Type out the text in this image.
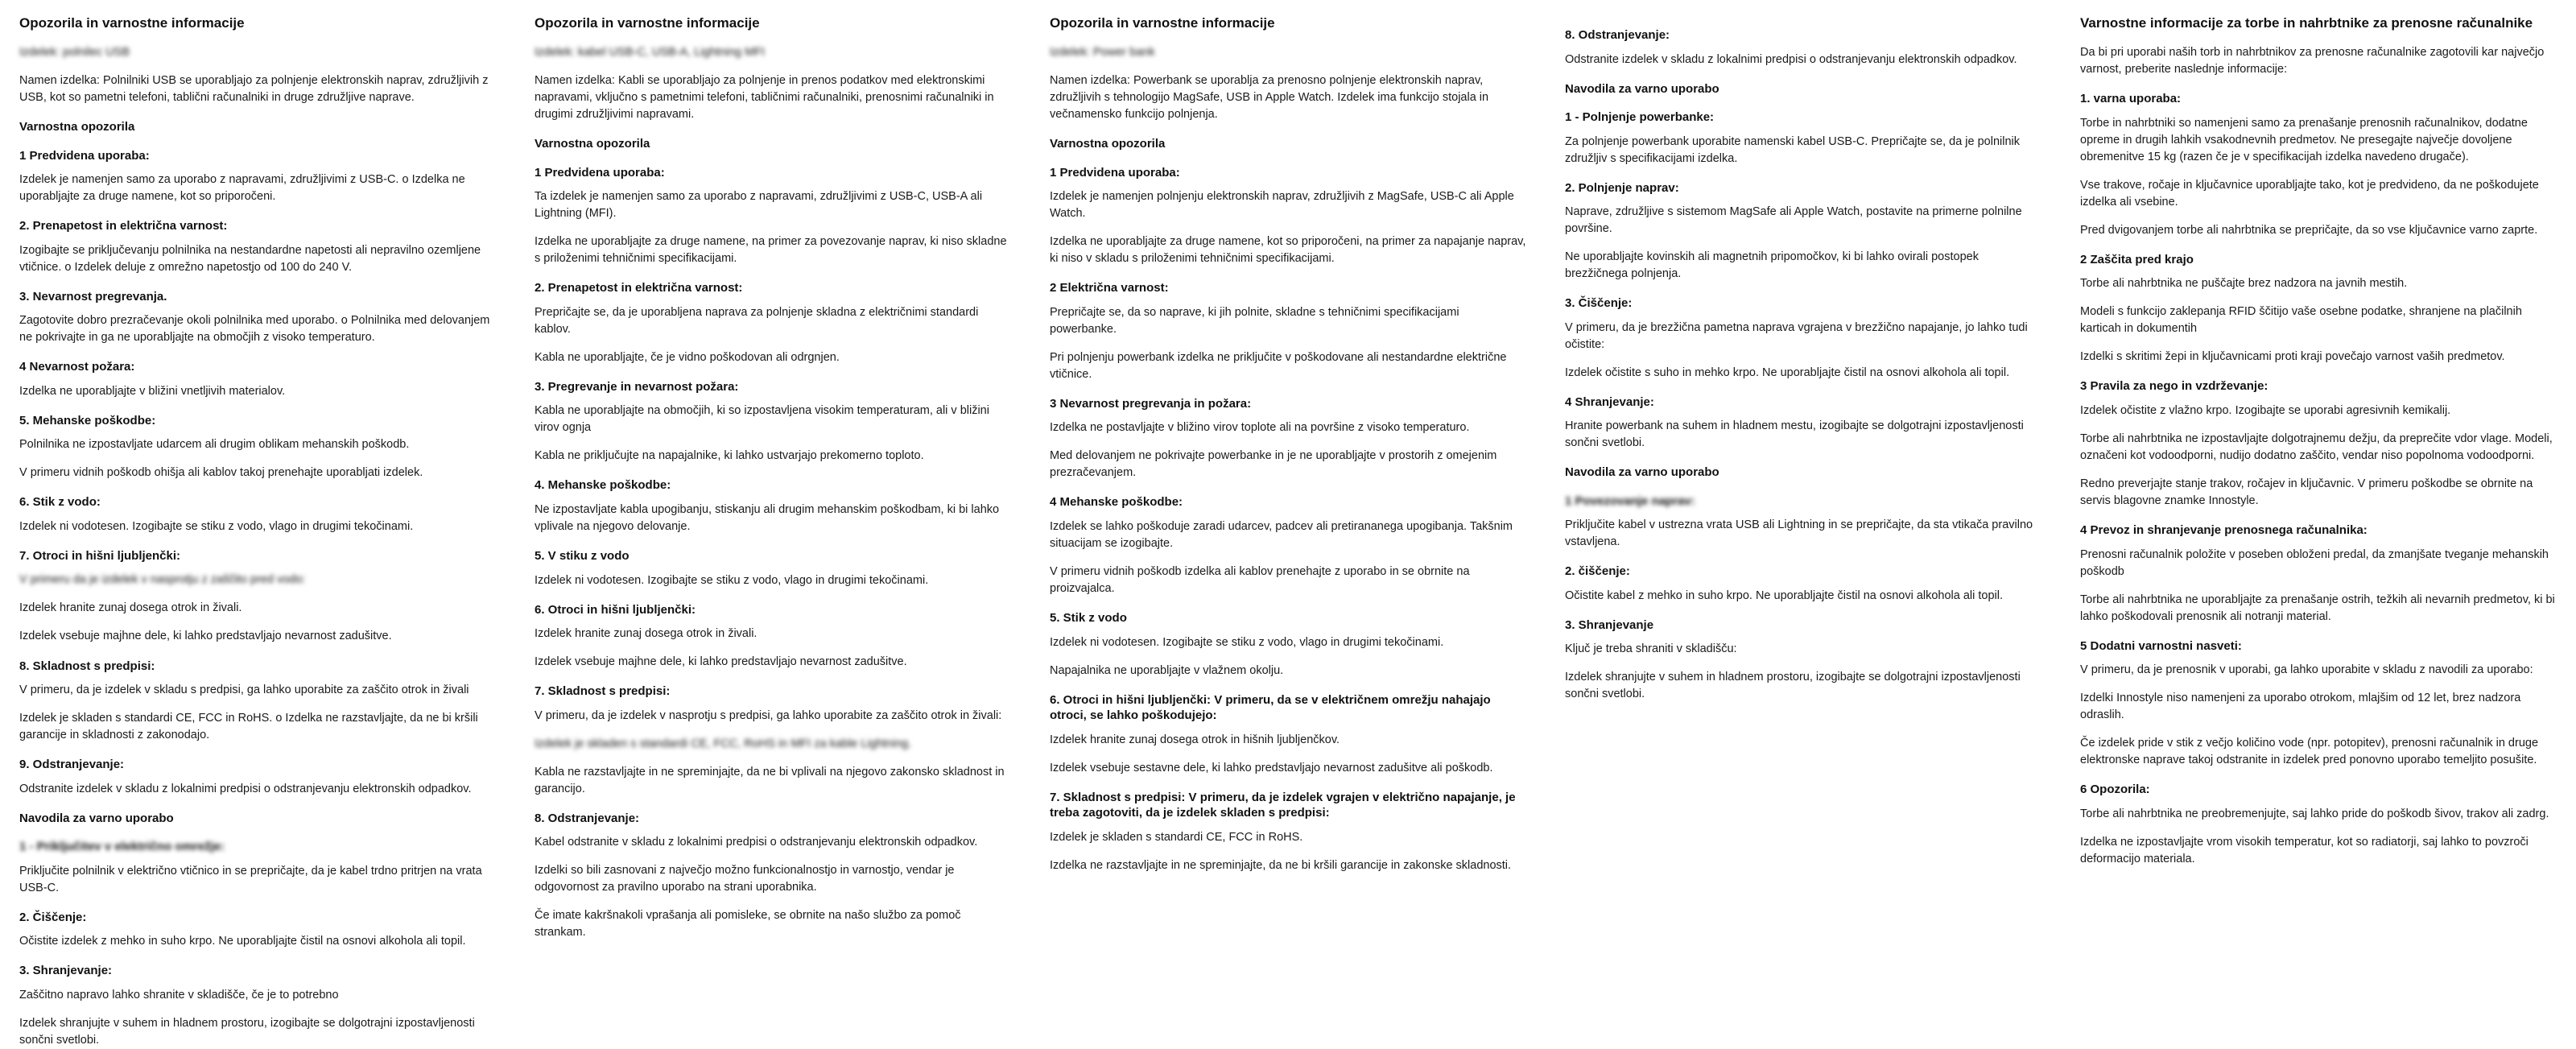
Opozorila in varnostne informacije

Izdelek: polnilec USB

Namen izdelka: Polnilniki USB se uporabljajo za polnjenje elektronskih naprav, združljivih z USB, kot so pametni telefoni, tablični računalniki in druge združljive naprave.

Varnostna opozorila
1 Predvidena uporaba:

Izdelek je namenjen samo za uporabo z napravami, združljivimi z USB-C. o Izdelka ne uporabljajte za druge namene, kot so priporočeni.

2. Prenapetost in električna varnost:

Izogibajte se priključevanju polnilnika na nestandardne napetosti ali nepravilno ozemljene vtičnice. o Izdelek deluje z omrežno napetostjo od 100 do 240 V.

3. Nevarnost pregrevanja.

Zagotovite dobro prezračevanje okoli polnilnika med uporabo. o Polnilnika med delovanjem ne pokrivajte in ga ne uporabljajte na območjih z visoko temperaturo.

4 Nevarnost požara:

Izdelka ne uporabljajte v bližini vnetljivih materialov.

5. Mehanske poškodbe:

Polnilnika ne izpostavljate udarcem ali drugim oblikam mehanskih poškodb.

V primeru vidnih poškodb ohišja ali kablov takoj prenehajte uporabljati izdelek.

6. Stik z vodo:

Izdelek ni vodotesen. Izogibajte se stiku z vodo, vlago in drugimi tekočinami.

7. Otroci in hišni ljubljenčki:

V primeru da je izdelek v nasprotju z zaščito pred vodo:

Izdelek hranite zunaj dosega otrok in živali.

Izdelek vsebuje majhne dele, ki lahko predstavljajo nevarnost zadušitve.

8. Skladnost s predpisi:

V primeru, da je izdelek v skladu s predpisi, ga lahko uporabite za zaščito otrok in živali

Izdelek je skladen s standardi CE, FCC in RoHS. o Izdelka ne razstavljajte, da ne bi kršili garancije in skladnosti z zakonodajo.

9. Odstranjevanje:

Odstranite izdelek v skladu z lokalnimi predpisi o odstranjevanju elektronskih odpadkov.

Navodila za varno uporabo
1 - Priključitev v električno omrežje:

Priključite polnilnik v električno vtičnico in se prepričajte, da je kabel trdno pritrjen na vrata USB-C.

2. Čiščenje:

Očistite izdelek z mehko in suho krpo. Ne uporabljajte čistil na osnovi alkohola ali topil.

3. Shranjevanje:

Zaščitno napravo lahko shranite v skladišče, če je to potrebno

Izdelek shranjujte v suhem in hladnem prostoru, izogibajte se dolgotrajni izpostavljenosti sončni svetlobi.

Opozorila in varnostne informacije

Izdelek: kabel USB-C, USB-A, Lightning MFI

Namen izdelka: Kabli se uporabljajo za polnjenje in prenos podatkov med elektronskimi napravami, vključno s pametnimi telefoni, tabličnimi računalniki, prenosnimi računalniki in drugimi združljivimi napravami.

Varnostna opozorila
1 Predvidena uporaba:

Ta izdelek je namenjen samo za uporabo z napravami, združljivimi z USB-C, USB-A ali Lightning (MFI).

Izdelka ne uporabljajte za druge namene, na primer za povezovanje naprav, ki niso skladne s priloženimi tehničnimi specifikacijami.

2. Prenapetost in električna varnost:

Prepričajte se, da je uporabljena naprava za polnjenje skladna z električnimi standardi kablov.

Kabla ne uporabljajte, če je vidno poškodovan ali odrgnjen.

3. Pregrevanje in nevarnost požara:

Kabla ne uporabljajte na območjih, ki so izpostavljena visokim temperaturam, ali v bližini virov ognja

Kabla ne priključujte na napajalnike, ki lahko ustvarjajo prekomerno toploto.

4. Mehanske poškodbe:

Ne izpostavljate kabla upogibanju, stiskanju ali drugim mehanskim poškodbam, ki bi lahko vplivale na njegovo delovanje.

5. V stiku z vodo

Izdelek ni vodotesen. Izogibajte se stiku z vodo, vlago in drugimi tekočinami.

6. Otroci in hišni ljubljenčki:

Izdelek hranite zunaj dosega otrok in živali.

Izdelek vsebuje majhne dele, ki lahko predstavljajo nevarnost zadušitve.

7. Skladnost s predpisi:

V primeru, da je izdelek v nasprotju s predpisi, ga lahko uporabite za zaščito otrok in živali:

Izdelek je skladen s standardi CE, FCC, RoHS in MFI za kable Lightning.

Kabla ne razstavljajte in ne spreminjajte, da ne bi vplivali na njegovo zakonsko skladnost in garancijo.

8. Odstranjevanje:

Kabel odstranite v skladu z lokalnimi predpisi o odstranjevanju elektronskih odpadkov.

Izdelki so bili zasnovani z največjo možno funkcionalnostjo in varnostjo, vendar je odgovornost za pravilno uporabo na strani uporabnika.

Če imate kakršnakoli vprašanja ali pomisleke, se obrnite na našo službo za pomoč strankam.

Opozorila in varnostne informacije

Izdelek: Power bank

Namen izdelka: Powerbank se uporablja za prenosno polnjenje elektronskih naprav, združljivih s tehnologijo MagSafe, USB in Apple Watch. Izdelek ima funkcijo stojala in večnamensko funkcijo polnjenja.

Varnostna opozorila
1 Predvidena uporaba:

Izdelek je namenjen polnjenju elektronskih naprav, združljivih z MagSafe, USB-C ali Apple Watch.

Izdelka ne uporabljajte za druge namene, kot so priporočeni, na primer za napajanje naprav, ki niso v skladu s priloženimi tehničnimi specifikacijami.

2 Električna varnost:

Prepričajte se, da so naprave, ki jih polnite, skladne s tehničnimi specifikacijami powerbanke.

Pri polnjenju powerbank izdelka ne priključite v poškodovane ali nestandardne električne vtičnice.

3 Nevarnost pregrevanja in požara:

Izdelka ne postavljajte v bližino virov toplote ali na površine z visoko temperaturo.

Med delovanjem ne pokrivajte powerbanke in je ne uporabljajte v prostorih z omejenim prezračevanjem.

4 Mehanske poškodbe:

Izdelek se lahko poškoduje zaradi udarcev, padcev ali pretirananega upogibanja. Takšnim situacijam se izogibajte.

V primeru vidnih poškodb izdelka ali kablov prenehajte z uporabo in se obrnite na proizvajalca.

5. Stik z vodo

Izdelek ni vodotesen. Izogibajte se stiku z vodo, vlago in drugimi tekočinami.

Napajalnika ne uporabljajte v vlažnem okolju.

6. Otroci in hišni ljubljenčki: V primeru, da se v električnem omrežju nahajajo otroci, se lahko poškodujejo:

Izdelek hranite zunaj dosega otrok in hišnih ljubljenčkov.

Izdelek vsebuje sestavne dele, ki lahko predstavljajo nevarnost zadušitve ali poškodb.

7. Skladnost s predpisi: V primeru, da je izdelek vgrajen v električno napajanje, je treba zagotoviti, da je izdelek skladen s predpisi:

Izdelek je skladen s standardi CE, FCC in RoHS.

Izdelka ne razstavljajte in ne spreminjajte, da ne bi kršili garancije in zakonske skladnosti.

8. Odstranjevanje:

Odstranite izdelek v skladu z lokalnimi predpisi o odstranjevanju elektronskih odpadkov.

Navodila za varno uporabo
1 - Polnjenje powerbanke:

Za polnjenje powerbank uporabite namenski kabel USB-C. Prepričajte se, da je polnilnik združljiv s specifikacijami izdelka.

2. Polnjenje naprav:

Naprave, združljive s sistemom MagSafe ali Apple Watch, postavite na primerne polnilne površine.

Ne uporabljajte kovinskih ali magnetnih pripomočkov, ki bi lahko ovirali postopek brezžičnega polnjenja.

3. Čiščenje:

V primeru, da je brezžična pametna naprava vgrajena v brezžično napajanje, jo lahko tudi očistite:

Izdelek očistite s suho in mehko krpo. Ne uporabljajte čistil na osnovi alkohola ali topil.

4 Shranjevanje:

Hranite powerbank na suhem in hladnem mestu, izogibajte se dolgotrajni izpostavljenosti sončni svetlobi.

Navodila za varno uporabo
1 Povezovanje naprav:

Priključite kabel v ustrezna vrata USB ali Lightning in se prepričajte, da sta vtikača pravilno vstavljena.

2. čiščenje:

Očistite kabel z mehko in suho krpo. Ne uporabljajte čistil na osnovi alkohola ali topil.

3. Shranjevanje

Ključ je treba shraniti v skladišču:

Izdelek shranjujte v suhem in hladnem prostoru, izogibajte se dolgotrajni izpostavljenosti sončni svetlobi.

Varnostne informacije za torbe in nahrbtnike za prenosne računalnike

Da bi pri uporabi naših torb in nahrbtnikov za prenosne računalnike zagotovili kar največjo varnost, preberite naslednje informacije:

1. varna uporaba:

Torbe in nahrbtniki so namenjeni samo za prenašanje prenosnih računalnikov, dodatne opreme in drugih lahkih vsakodnevnih predmetov. Ne presegajte največje dovoljene obremenitve 15 kg (razen če je v specifikacijah izdelka navedeno drugače).

Vse trakove, ročaje in ključavnice uporabljajte tako, kot je predvideno, da ne poškodujete izdelka ali vsebine.

Pred dvigovanjem torbe ali nahrbtnika se prepričajte, da so vse ključavnice varno zaprte.

2 Zaščita pred krajo

Torbe ali nahrbtnika ne puščajte brez nadzora na javnih mestih.

Modeli s funkcijo zaklepanja RFID ščitijo vaše osebne podatke, shranjene na plačilnih karticah in dokumentih

Izdelki s skritimi žepi in ključavnicami proti kraji povečajo varnost vaših predmetov.

3 Pravila za nego in vzdrževanje:

Izdelek očistite z vlažno krpo. Izogibajte se uporabi agresivnih kemikalij.

Torbe ali nahrbtnika ne izpostavljajte dolgotrajnemu dežju, da preprečite vdor vlage. Modeli, označeni kot vodoodporni, nudijo dodatno zaščito, vendar niso popolnoma vodoodporni.

Redno preverjajte stanje trakov, ročajev in ključavnic. V primeru poškodbe se obrnite na servis blagovne znamke Innostyle.

4 Prevoz in shranjevanje prenosnega računalnika:

Prenosni računalnik položite v poseben obloženi predal, da zmanjšate tveganje mehanskih poškodb

Torbe ali nahrbtnika ne uporabljajte za prenašanje ostrih, težkih ali nevarnih predmetov, ki bi lahko poškodovali prenosnik ali notranji material.

5 Dodatni varnostni nasveti:

V primeru, da je prenosnik v uporabi, ga lahko uporabite v skladu z navodili za uporabo:

Izdelki Innostyle niso namenjeni za uporabo otrokom, mlajšim od 12 let, brez nadzora odraslih.

Če izdelek pride v stik z večjo količino vode (npr. potopitev), prenosni računalnik in druge elektronske naprave takoj odstranite in izdelek pred ponovno uporabo temeljito posušite.

6 Opozorila:

Torbe ali nahrbtnika ne preobremenjujte, saj lahko pride do poškodb šivov, trakov ali zadrg.

Izdelka ne izpostavljajte vrom visokih temperatur, kot so radiatorji, saj lahko to povzroči deformacijo materiala.
